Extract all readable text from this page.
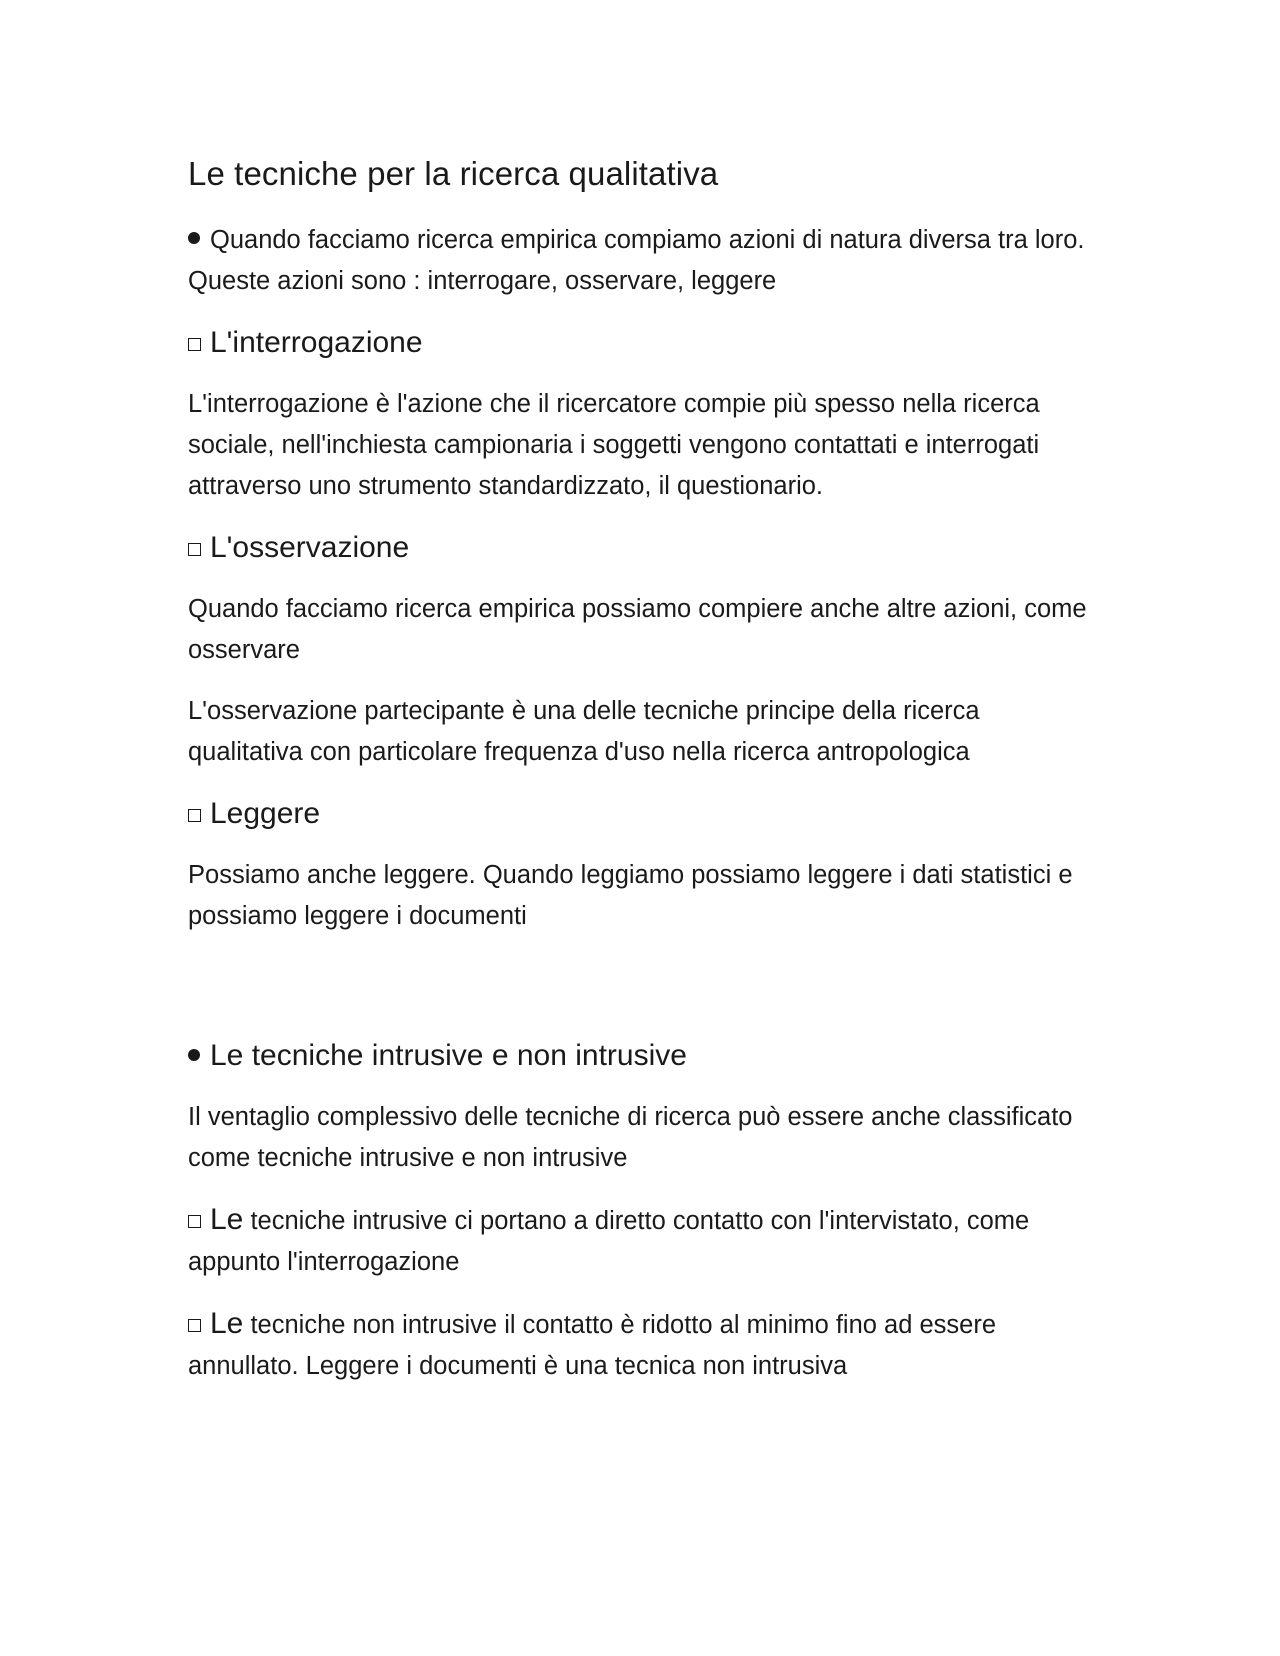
Le tecniche per la ricerca qualitativa

Quando facciamo ricerca empirica compiamo azioni di natura diversa tra loro. Queste azioni sono : interrogare, osservare, leggere

L'interrogazione

L'interrogazione è l'azione che il ricercatore compie più spesso nella ricerca sociale, nell'inchiesta campionaria i soggetti vengono contattati e interrogati attraverso uno strumento standardizzato, il questionario.

L'osservazione

Quando facciamo ricerca empirica possiamo compiere anche altre azioni, come osservare

L'osservazione partecipante è una delle tecniche principe della ricerca qualitativa con particolare frequenza d'uso nella ricerca antropologica

Leggere

Possiamo anche leggere. Quando leggiamo possiamo leggere i dati statistici e possiamo leggere i documenti

Le tecniche intrusive e non intrusive

Il ventaglio complessivo delle tecniche di ricerca può essere anche classificato come tecniche intrusive e non intrusive

Le tecniche intrusive ci portano a diretto contatto con l'intervistato, come appunto l'interrogazione

Le tecniche non intrusive il contatto è ridotto al minimo fino ad essere annullato. Leggere i documenti è una tecnica non intrusiva
